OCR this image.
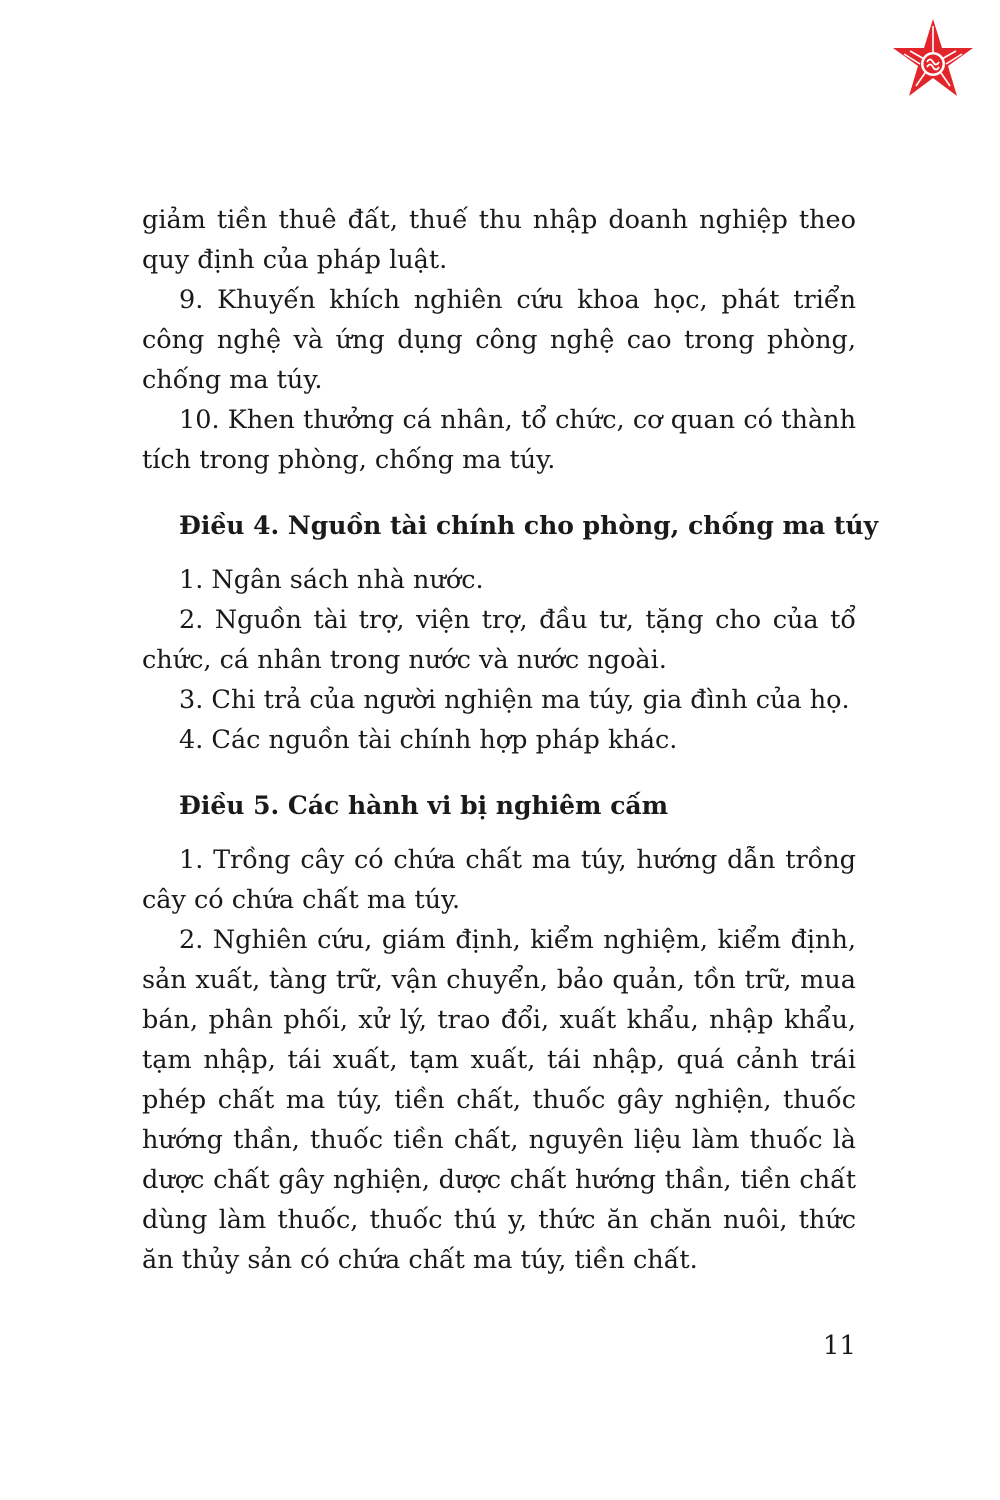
giảm tiền thuê đất, thuế thu nhập doanh nghiệp theo quy định của pháp luật.

9. Khuyến khích nghiên cứu khoa học, phát triển công nghệ và ứng dụng công nghệ cao trong phòng, chống ma túy.

10. Khen thưởng cá nhân, tổ chức, cơ quan có thành tích trong phòng, chống ma túy.

Điều 4. Nguồn tài chính cho phòng, chống ma túy

1. Ngân sách nhà nước.

2. Nguồn tài trợ, viện trợ, đầu tư, tặng cho của tổ chức, cá nhân trong nước và nước ngoài.

3. Chi trả của người nghiện ma túy, gia đình của họ.

4. Các nguồn tài chính hợp pháp khác.

Điều 5. Các hành vi bị nghiêm cấm

1. Trồng cây có chứa chất ma túy, hướng dẫn trồng cây có chứa chất ma túy.

2. Nghiên cứu, giám định, kiểm nghiệm, kiểm định, sản xuất, tàng trữ, vận chuyển, bảo quản, tồn trữ, mua bán, phân phối, xử lý, trao đổi, xuất khẩu, nhập khẩu, tạm nhập, tái xuất, tạm xuất, tái nhập, quá cảnh trái phép chất ma túy, tiền chất, thuốc gây nghiện, thuốc hướng thần, thuốc tiền chất, nguyên liệu làm thuốc là dược chất gây nghiện, dược chất hướng thần, tiền chất dùng làm thuốc, thuốc thú y, thức ăn chăn nuôi, thức ăn thủy sản có chứa chất ma túy, tiền chất.

11
